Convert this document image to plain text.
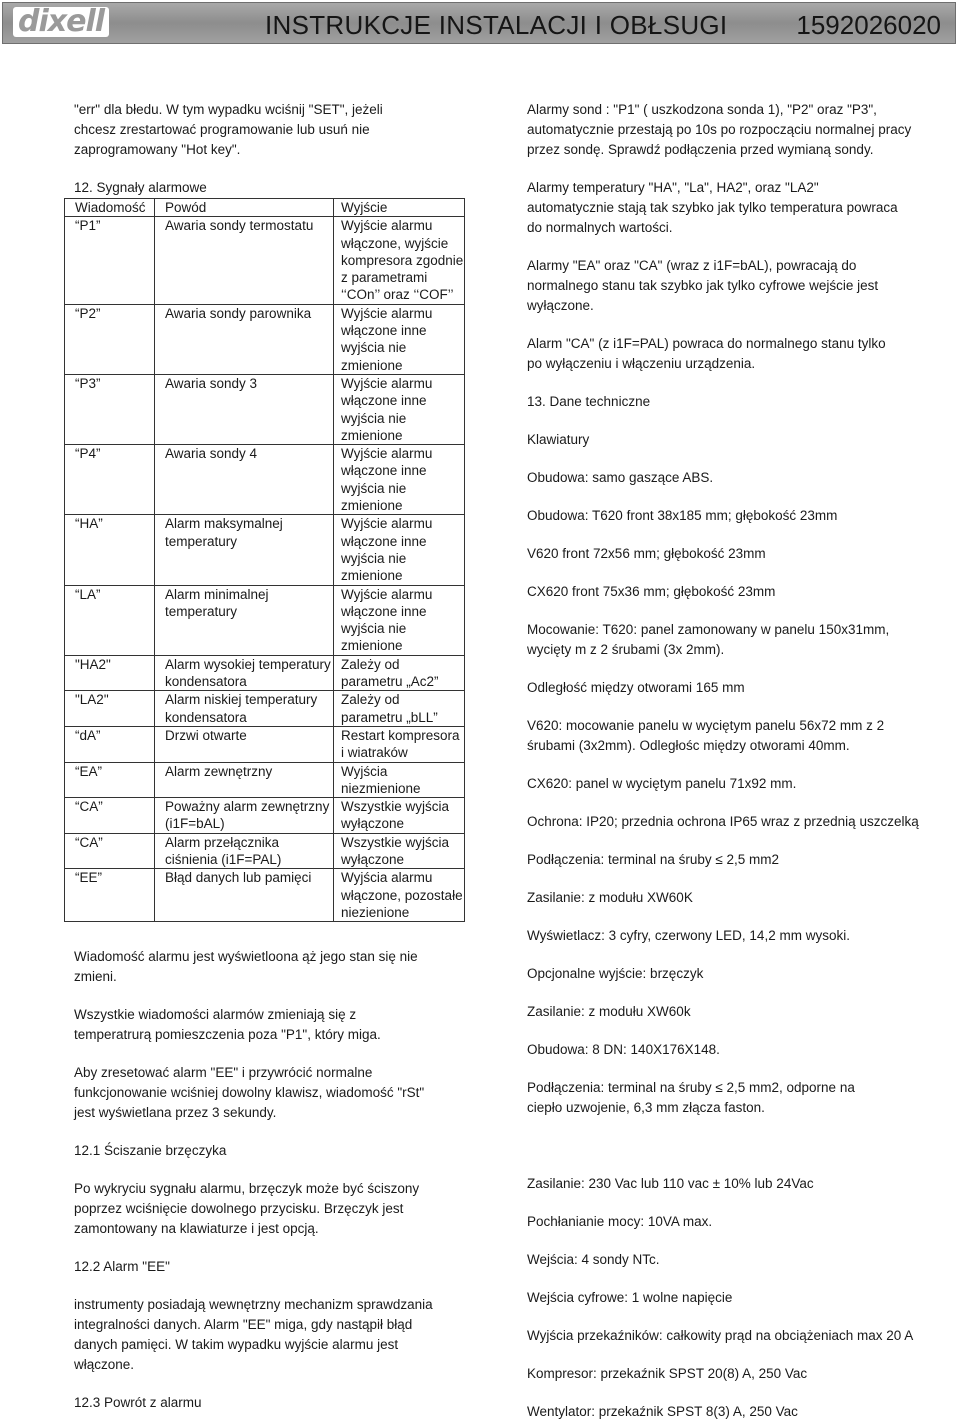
dixell	INSTRUKCJE INSTALACJI I OBŁSUGI	1592026020

"err" dla błedu. W tym wypadku wciśnij "SET", jeżeli chcesz zrestartować programowanie lub usuń nie zaprogramowany "Hot key".

12. Sygnały alarmowe

Wiadomość	Powód	Wyjście
“P1”	Awaria sondy termostatu	Wyjście alarmu włączone, wyjście kompresora zgodnie z parametrami ‘‘COn’’ oraz ‘‘COF’’
“P2”	Awaria sondy parownika	Wyjście alarmu włączone inne wyjścia nie zmienione
“P3”	Awaria sondy 3	Wyjście alarmu włączone inne wyjścia nie zmienione
“P4”	Awaria sondy 4	Wyjście alarmu włączone inne wyjścia nie zmienione
“HA”	Alarm maksymalnej temperatury	Wyjście alarmu włączone inne wyjścia nie zmienione
“LA”	Alarm minimalnej temperatury	Wyjście alarmu włączone inne wyjścia nie zmienione
"HA2"	Alarm wysokiej temperatury kondensatora	Zależy od parametru „Ac2”
"LA2"	Alarm niskiej temperatury kondensatora	Zależy od parametru „bLL”
“dA”	Drzwi otwarte	Restart kompresora i wiatraków
“EA”	Alarm zewnętrzny	Wyjścia niezmienione
“CA”	Poważny alarm zewnętrzny (i1F=bAL)	Wszystkie wyjścia wyłączone
“CA”	Alarm przełącznika ciśnienia (i1F=PAL)	Wszystkie wyjścia wyłączone
“EE”	Błąd danych lub pamięci	Wyjścia alarmu włączone, pozostałe niezienione

Wiadomość alarmu jest wyświetloona ąż jego stan się nie zmieni.

Wszystkie wiadomości alarmów zmieniają się z temperatrurą pomieszczenia poza "P1", który miga.

Aby zresetować alarm "EE" i przywrócić normalne funkcjonowanie wciśniej dowolny klawisz, wiadomość "rSt" jest wyświetlana przez 3 sekundy.

12.1 Ściszanie brzęczyka

Po wykryciu sygnału alarmu, brzęczyk może być ściszony poprzez wciśnięcie dowolnego przycisku. Brzęczyk jest zamontowany na klawiaturze i jest opcją.

12.2 Alarm "EE"

instrumenty posiadają wewnętrzny mechanizm sprawdzania integralności danych. Alarm "EE" miga, gdy nastąpił błąd danych pamięci. W takim wypadku wyjście alarmu jest włączone.

12.3 Powrót z alarmu

Alarmy sond : "P1" ( uszkodzona sonda 1), "P2" oraz "P3", automatycznie przestają po 10s po rozpocząciu normalnej pracy przez sondę. Sprawdź podłączenia przed wymianą sondy.

Alarmy temperatury "HA", "La", HA2", oraz "LA2" automatycznie stają tak szybko jak tylko temperatura powraca do normalnych wartości.

Alarmy "EA" oraz "CA" (wraz z i1F=bAL), powracają do normalnego stanu tak szybko jak tylko cyfrowe wejście jest wyłączone.

Alarm "CA" (z i1F=PAL) powraca do normalnego stanu tylko po wyłączeniu i włączeniu urządzenia.

13. Dane techniczne

Klawiatury

Obudowa: samo gaszące ABS.

Obudowa: T620 front 38x185 mm; głębokość 23mm

V620 front 72x56 mm; głębokość 23mm

CX620 front 75x36 mm; głębokość 23mm

Mocowanie: T620: panel zamonowany w panelu 150x31mm, wycięty m z 2 śrubami (3x 2mm).

Odległość między otworami 165 mm

V620: mocowanie panelu w wyciętym panelu 56x72 mm z 2 śrubami (3x2mm). Odległośc między otworami 40mm.

CX620: panel w wyciętym panelu 71x92 mm.

Ochrona: IP20; przednia ochrona IP65 wraz z przednią uszczelką

Podłączenia: terminal na śruby ≤ 2,5 mm2

Zasilanie: z modułu XW60K

Wyświetlacz: 3 cyfry, czerwony LED, 14,2 mm wysoki.

Opcjonalne wyjście: brzęczyk

Zasilanie: z modułu XW60k

Obudowa: 8 DN: 140X176X148.

Podłączenia: terminal na śruby ≤ 2,5 mm2, odporne na ciepło uzwojenie, 6,3 mm złącza faston.

Zasilanie: 230 Vac lub 110 vac ± 10% lub 24Vac

Pochłanianie mocy: 10VA max.

Wejścia: 4 sondy NTc.

Wejścia cyfrowe: 1 wolne napięcie

Wyjścia przekaźników: całkowity prąd na obciążeniach max 20 A

Kompresor: przekaźnik SPST 20(8) A, 250 Vac

Wentylator: przekaźnik SPST 8(3) A, 250 Vac
